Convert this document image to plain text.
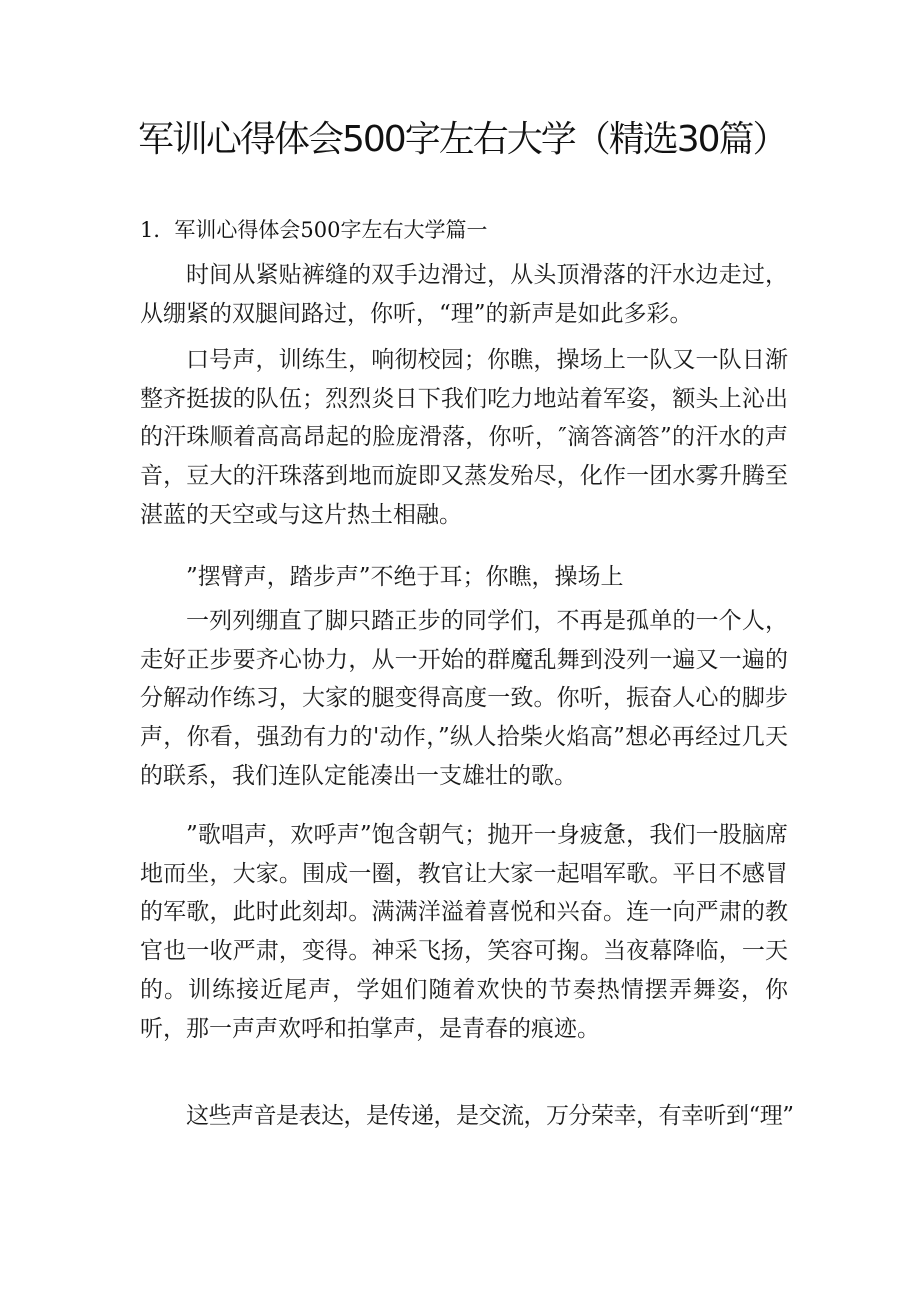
军训心得体会500字左右大学（精选30篇）
1．军训心得体会500字左右大学篇一

时间从紧贴裤缝的双手边滑过，从头顶滑落的汗水边走过，从绷紧的双腿间路过，你听，“理”的新声是如此多彩。

口号声，训练生，响彻校园；你瞧，操场上一队又一队日渐整齐挺拔的队伍；烈烈炎日下我们吃力地站着军姿，额头上沁出的汗珠顺着高高昂起的脸庞滑落，你听，″滴答滴答”的汗水的声音，豆大的汗珠落到地而旋即又蒸发殆尽，化作一团水雾升腾至湛蓝的天空或与这片热土相融。

”摆臂声，踏步声”不绝于耳；你瞧，操场上

一列列绷直了脚只踏正步的同学们，不再是孤单的一个人，走好正步要齐心协力，从一开始的群魔乱舞到没列一遍又一遍的分解动作练习，大家的腿变得高度一致。你听，振奋人心的脚步声，你看，强劲有力的'动作，”纵人拾柴火焰高”想必再经过几天的联系，我们连队定能凑出一支雄壮的歌。

”歌唱声，欢呼声”饱含朝气；抛开一身疲惫，我们一股脑席地而坐，大家。围成一圈，教官让大家一起唱军歌。平日不感冒的军歌，此时此刻却。满满洋溢着喜悦和兴奋。连一向严肃的教官也一收严肃，变得。神采飞扬，笑容可掬。当夜幕降临，一天的。训练接近尾声，学姐们随着欢快的节奏热情摆弄舞姿，你听，那一声声欢呼和拍掌声，是青春的痕迹。

这些声音是表达，是传递，是交流，万分荣幸，有幸听到“理”
